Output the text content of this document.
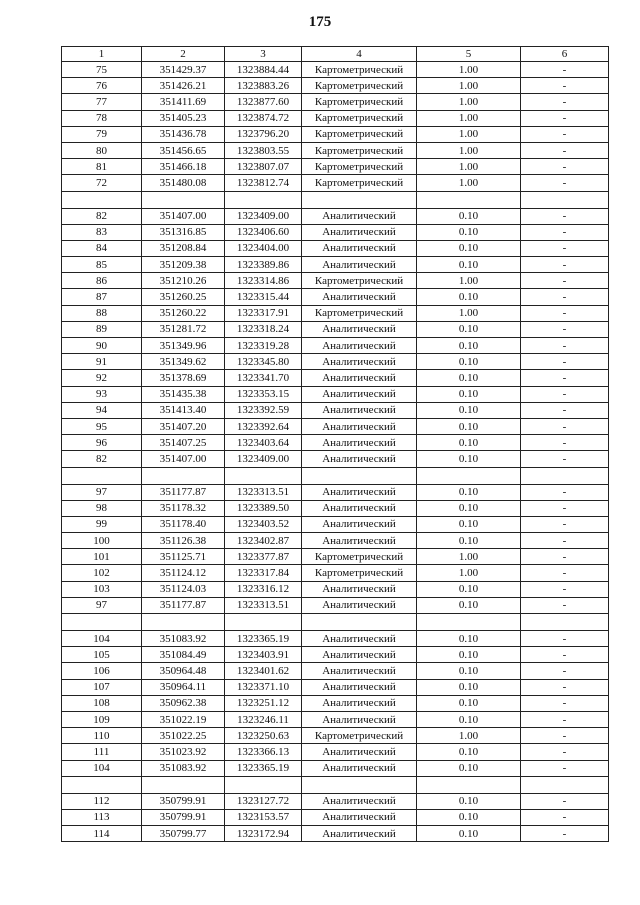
175
1	2	3	4	5	6
75	351429.37	1323884.44	Картометрический	1.00	-
76	351426.21	1323883.26	Картометрический	1.00	-
77	351411.69	1323877.60	Картометрический	1.00	-
78	351405.23	1323874.72	Картометрический	1.00	-
79	351436.78	1323796.20	Картометрический	1.00	-
80	351456.65	1323803.55	Картометрический	1.00	-
81	351466.18	1323807.07	Картометрический	1.00	-
72	351480.08	1323812.74	Картометрический	1.00	-

82	351407.00	1323409.00	Аналитический	0.10	-
83	351316.85	1323406.60	Аналитический	0.10	-
84	351208.84	1323404.00	Аналитический	0.10	-
85	351209.38	1323389.86	Аналитический	0.10	-
86	351210.26	1323314.86	Картометрический	1.00	-
87	351260.25	1323315.44	Аналитический	0.10	-
88	351260.22	1323317.91	Картометрический	1.00	-
89	351281.72	1323318.24	Аналитический	0.10	-
90	351349.96	1323319.28	Аналитический	0.10	-
91	351349.62	1323345.80	Аналитический	0.10	-
92	351378.69	1323341.70	Аналитический	0.10	-
93	351435.38	1323353.15	Аналитический	0.10	-
94	351413.40	1323392.59	Аналитический	0.10	-
95	351407.20	1323392.64	Аналитический	0.10	-
96	351407.25	1323403.64	Аналитический	0.10	-
82	351407.00	1323409.00	Аналитический	0.10	-

97	351177.87	1323313.51	Аналитический	0.10	-
98	351178.32	1323389.50	Аналитический	0.10	-
99	351178.40	1323403.52	Аналитический	0.10	-
100	351126.38	1323402.87	Аналитический	0.10	-
101	351125.71	1323377.87	Картометрический	1.00	-
102	351124.12	1323317.84	Картометрический	1.00	-
103	351124.03	1323316.12	Аналитический	0.10	-
97	351177.87	1323313.51	Аналитический	0.10	-

104	351083.92	1323365.19	Аналитический	0.10	-
105	351084.49	1323403.91	Аналитический	0.10	-
106	350964.48	1323401.62	Аналитический	0.10	-
107	350964.11	1323371.10	Аналитический	0.10	-
108	350962.38	1323251.12	Аналитический	0.10	-
109	351022.19	1323246.11	Аналитический	0.10	-
110	351022.25	1323250.63	Картометрический	1.00	-
111	351023.92	1323366.13	Аналитический	0.10	-
104	351083.92	1323365.19	Аналитический	0.10	-

112	350799.91	1323127.72	Аналитический	0.10	-
113	350799.91	1323153.57	Аналитический	0.10	-
114	350799.77	1323172.94	Аналитический	0.10	-
